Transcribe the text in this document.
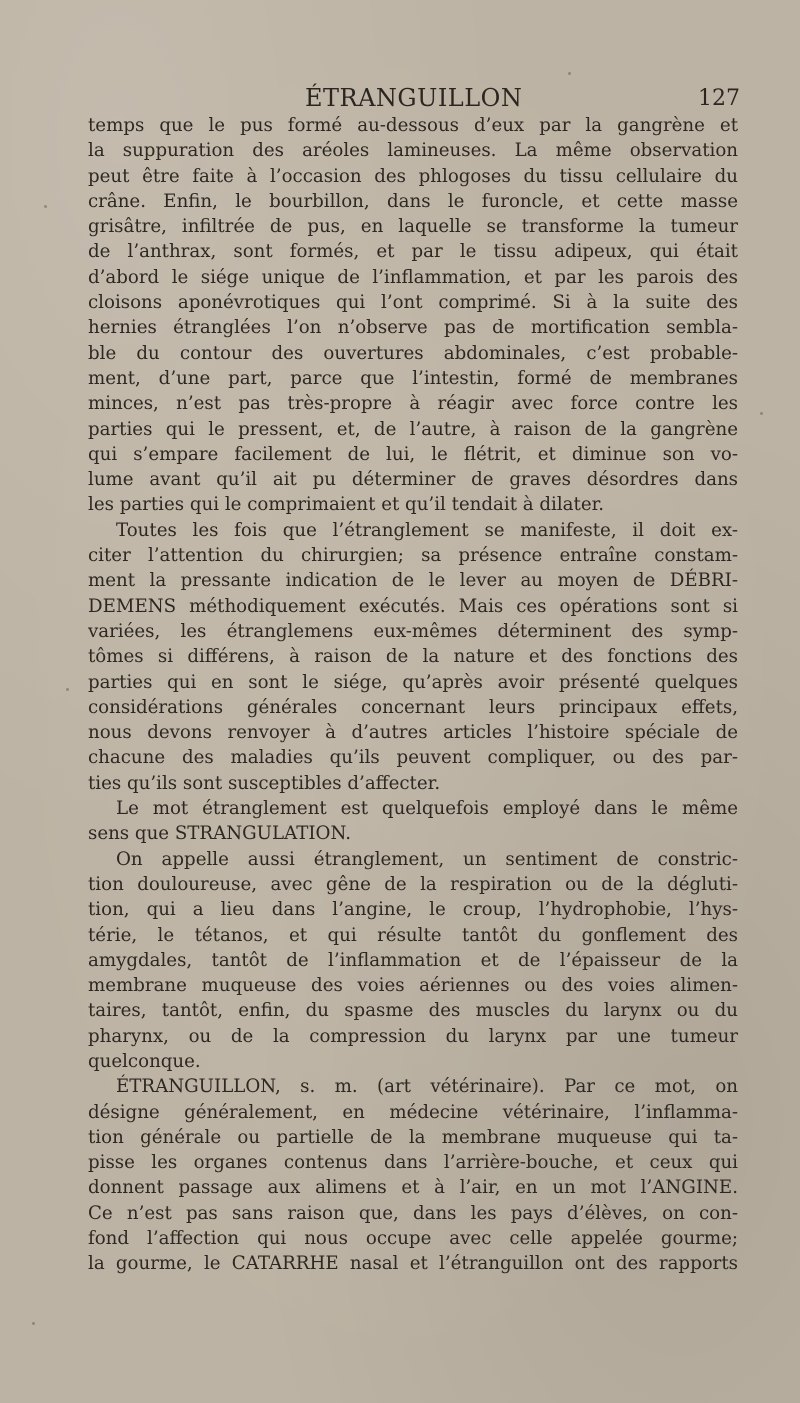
ÉTRANGUILLON	127
temps que le pus formé au-dessous d’eux par la gangrène et
la suppuration des aréoles lamineuses. La même observation
peut être faite à l’occasion des phlogoses du tissu cellulaire du
crâne. Enfin, le bourbillon, dans le furoncle, et cette masse
grisâtre, infiltrée de pus, en laquelle se transforme la tumeur
de l’anthrax, sont formés, et par le tissu adipeux, qui était
d’abord le siége unique de l’inflammation, et par les parois des
cloisons aponévrotiques qui l’ont comprimé. Si à la suite des
hernies étranglées l’on n’observe pas de mortification sembla-
ble du contour des ouvertures abdominales, c’est probable-
ment, d’une part, parce que l’intestin, formé de membranes
minces, n’est pas très-propre à réagir avec force contre les
parties qui le pressent, et, de l’autre, à raison de la gangrène
qui s’empare facilement de lui, le flétrit, et diminue son vo-
lume avant qu’il ait pu déterminer de graves désordres dans
les parties qui le comprimaient et qu’il tendait à dilater.
Toutes les fois que l’étranglement se manifeste, il doit ex-
citer l’attention du chirurgien; sa présence entraîne constam-
ment la pressante indication de le lever au moyen de DÉBRI-
DEMENS méthodiquement exécutés. Mais ces opérations sont si
variées, les étranglemens eux-mêmes déterminent des symp-
tômes si différens, à raison de la nature et des fonctions des
parties qui en sont le siége, qu’après avoir présenté quelques
considérations générales concernant leurs principaux effets,
nous devons renvoyer à d’autres articles l’histoire spéciale de
chacune des maladies qu’ils peuvent compliquer, ou des par-
ties qu’ils sont susceptibles d’affecter.
Le mot étranglement est quelquefois employé dans le même
sens que STRANGULATION.
On appelle aussi étranglement, un sentiment de constric-
tion douloureuse, avec gêne de la respiration ou de la dégluti-
tion, qui a lieu dans l’angine, le croup, l’hydrophobie, l’hys-
térie, le tétanos, et qui résulte tantôt du gonflement des
amygdales, tantôt de l’inflammation et de l’épaisseur de la
membrane muqueuse des voies aériennes ou des voies alimen-
taires, tantôt, enfin, du spasme des muscles du larynx ou du
pharynx, ou de la compression du larynx par une tumeur
quelconque.
ÉTRANGUILLON, s. m. (art vétérinaire). Par ce mot, on
désigne généralement, en médecine vétérinaire, l’inflamma-
tion générale ou partielle de la membrane muqueuse qui ta-
pisse les organes contenus dans l’arrière-bouche, et ceux qui
donnent passage aux alimens et à l’air, en un mot l’ANGINE.
Ce n’est pas sans raison que, dans les pays d’élèves, on con-
fond l’affection qui nous occupe avec celle appelée gourme;
la gourme, le CATARRHE nasal et l’étranguillon ont des rapports
